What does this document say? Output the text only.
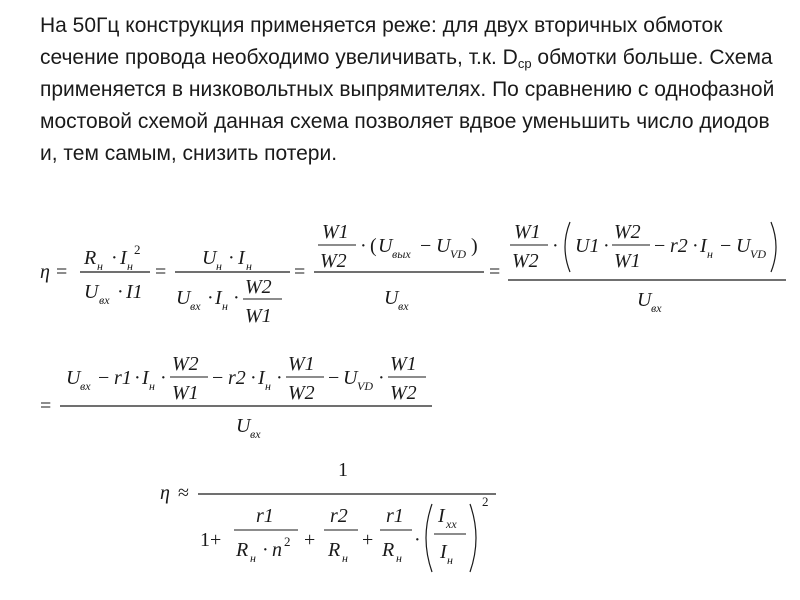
На 50Гц конструкция применяется реже: для двух вторичных обмоток сечение провода необходимо увеличивать, т.к. $D_{ср}$ обмотки больше. Схема применяется в низковольтных выпрямителях. По сравнению с однофазной мостовой схемой данная схема позволяет вдвое уменьшить число диодов и, тем самым, снизить потери.

η =
R н · I н
2
U вх · I1
=
U н · I н
U вх · I н · W2
W1
=
W1
W2
· ( U вых − U VD )
U вх
=
W1
W2
· U1 ·
W2
W1
− r2 · I н − U VD
U вх
=
U вх − r1 · I н ·
W2
W1
− r2 · I н ·
W1
W2
− U VD ·
W1
W2
U вх
η ≈
1
1+
r1
R н · n 2 +
r2
R н
+
r1
R н
·
I хх
I н
2
